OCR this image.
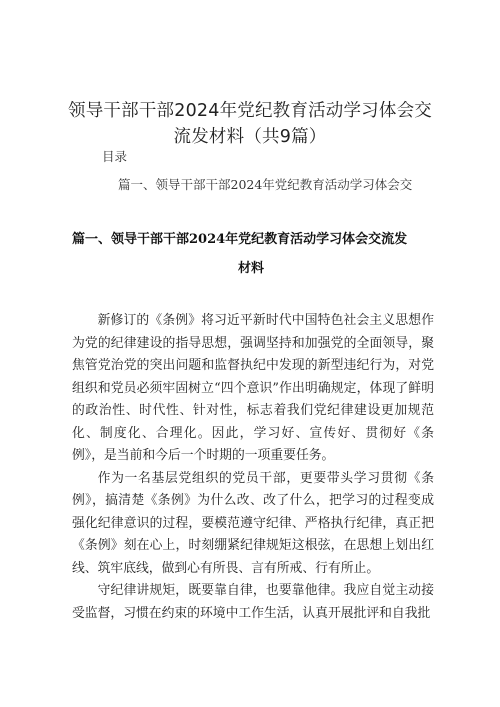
领导干部干部2024年党纪教育活动学习体会交
流发材料（共9篇）
目录
篇一、领导干部干部2024年党纪教育活动学习体会交
篇一、领导干部干部2024年党纪教育活动学习体会交流发
材料

新修订的《条例》将习近平新时代中国特色社会主义思想作为党的纪律建设的指导思想，强调坚持和加强党的全面领导，聚焦管党治党的突出问题和监督执纪中发现的新型违纪行为，对党组织和党员必须牢固树立“四个意识”作出明确规定，体现了鲜明的政治性、时代性、针对性，标志着我们党纪律建设更加规范化、制度化、合理化。因此，学习好、宣传好、贯彻好《条例》，是当前和今后一个时期的一项重要任务。

作为一名基层党组织的党员干部，更要带头学习贯彻《条例》，搞清楚《条例》为什么改、改了什么，把学习的过程变成强化纪律意识的过程，要模范遵守纪律、严格执行纪律，真正把《条例》刻在心上，时刻绷紧纪律规矩这根弦，在思想上划出红线、筑牢底线，做到心有所畏、言有所戒、行有所止。

守纪律讲规矩，既要靠自律，也要靠他律。我应自觉主动接受监督，习惯在约束的环境中工作生活，认真开展批评和自我批
